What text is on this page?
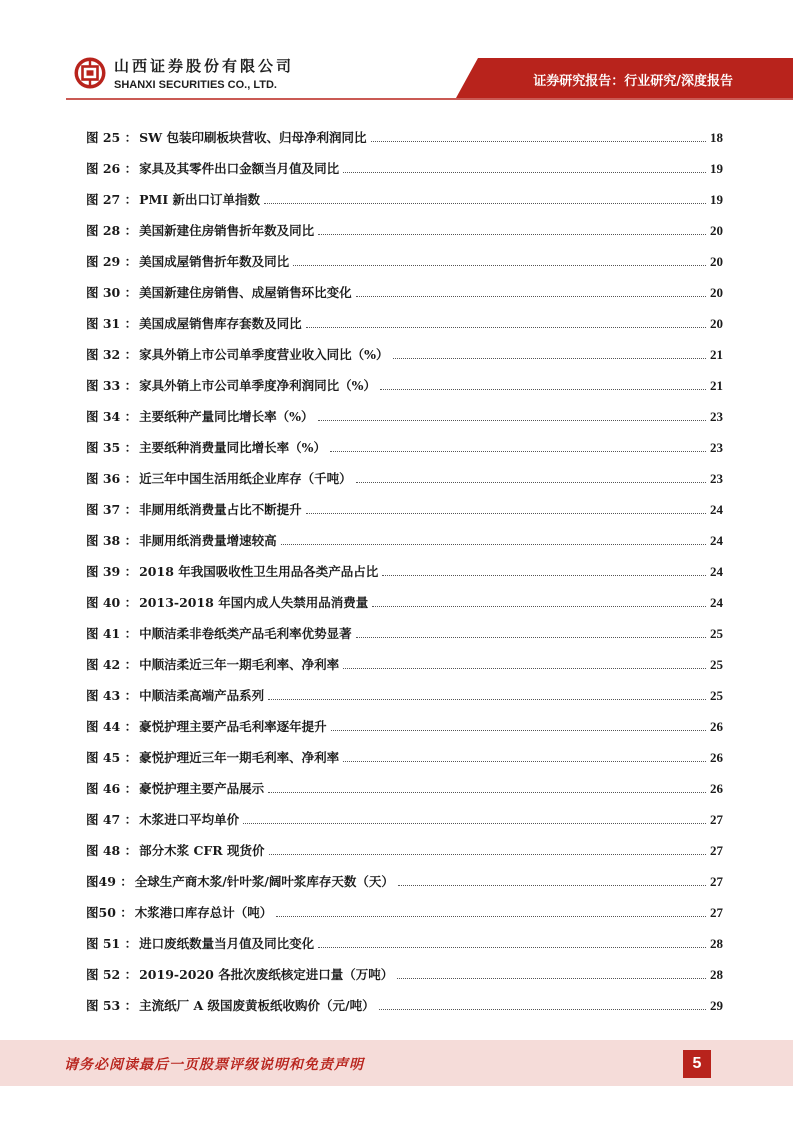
山西证券股份有限公司
SHANXI SECURITIES CO., LTD.	证券研究报告：行业研究/深度报告
图 25 ： SW 包装印刷板块营收、归母净利润同比	18
图 26 ： 家具及其零件出口金额当月值及同比	19
图 27 ： PMI 新出口订单指数	19
图 28 ： 美国新建住房销售折年数及同比	20
图 29 ： 美国成屋销售折年数及同比	20
图 30 ： 美国新建住房销售、成屋销售环比变化	20
图 31 ： 美国成屋销售库存套数及同比	20
图 32 ： 家具外销上市公司单季度营业收入同比（%）	21
图 33 ： 家具外销上市公司单季度净利润同比（%）	21
图 34 ： 主要纸种产量同比增长率（%）	23
图 35 ： 主要纸种消费量同比增长率（%）	23
图 36 ： 近三年中国生活用纸企业库存（千吨）	23
图 37 ： 非厕用纸消费量占比不断提升	24
图 38 ： 非厕用纸消费量增速较高	24
图 39 ： 2018 年我国吸收性卫生用品各类产品占比	24
图 40 ： 2013-2018 年国内成人失禁用品消费量	24
图 41 ： 中顺洁柔非卷纸类产品毛利率优势显著	25
图 42 ： 中顺洁柔近三年一期毛利率、净利率	25
图 43 ： 中顺洁柔高端产品系列	25
图 44 ： 豪悦护理主要产品毛利率逐年提升	26
图 45 ： 豪悦护理近三年一期毛利率、净利率	26
图 46 ： 豪悦护理主要产品展示	26
图 47 ： 木浆进口平均单价	27
图 48 ： 部分木浆 CFR 现货价	27
图49 ： 全球生产商木浆/针叶浆/阔叶浆库存天数（天）	27
图50 ： 木浆港口库存总计（吨）	27
图 51 ： 进口废纸数量当月值及同比变化	28
图 52 ： 2019-2020 各批次废纸核定进口量（万吨）	28
图 53 ： 主流纸厂 A 级国废黄板纸收购价（元/吨）	29
请务必阅读最后一页股票评级说明和免责声明	5
